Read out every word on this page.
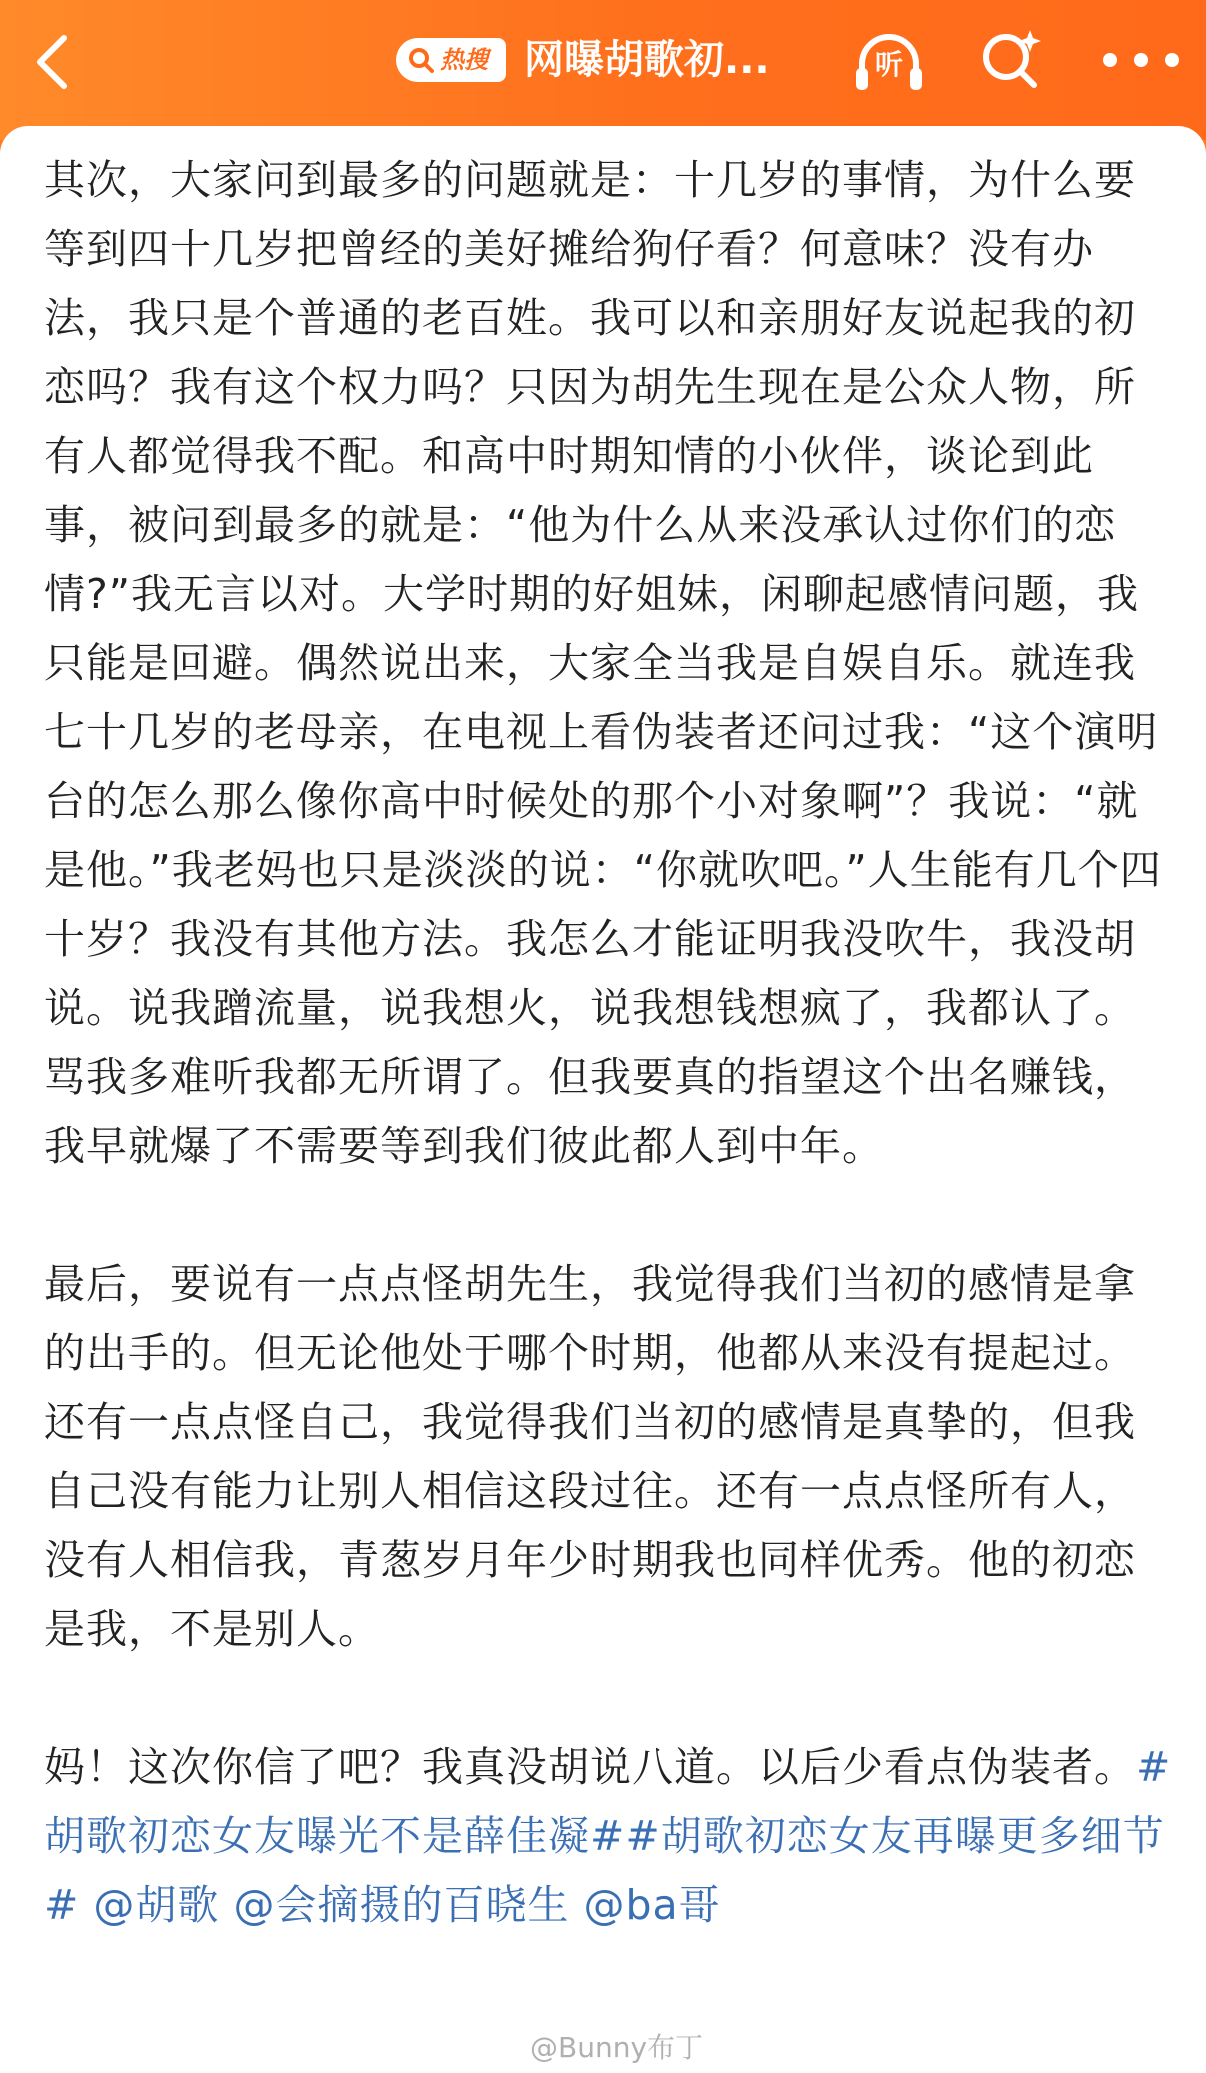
热搜 网曝胡歌初...	听

其次，大家问到最多的问题就是：十几岁的事情，为什么要等到四十几岁把曾经的美好摊给狗仔看？何意味？没有办法，我只是个普通的老百姓。我可以和亲朋好友说起我的初恋吗？我有这个权力吗？只因为胡先生现在是公众人物，所有人都觉得我不配。和高中时期知情的小伙伴，谈论到此事，被问到最多的就是：“他为什么从来没承认过你们的恋情?”我无言以对。大学时期的好姐妹，闲聊起感情问题，我只能是回避。偶然说出来，大家全当我是自娱自乐。就连我七十几岁的老母亲，在电视上看伪装者还问过我：“这个演明台的怎么那么像你高中时候处的那个小对象啊”？我说：“就是他。”我老妈也只是淡淡的说：“你就吹吧。”人生能有几个四十岁？我没有其他方法。我怎么才能证明我没吹牛，我没胡说。说我蹭流量，说我想火，说我想钱想疯了，我都认了。骂我多难听我都无所谓了。但我要真的指望这个出名赚钱，我早就爆了不需要等到我们彼此都人到中年。

最后，要说有一点点怪胡先生，我觉得我们当初的感情是拿的出手的。但无论他处于哪个时期，他都从来没有提起过。还有一点点怪自己，我觉得我们当初的感情是真挚的，但我自己没有能力让别人相信这段过往。还有一点点怪所有人，没有人相信我，青葱岁月年少时期我也同样优秀。他的初恋是我，不是别人。

妈！这次你信了吧？我真没胡说八道。以后少看点伪装者。#胡歌初恋女友曝光不是薛佳凝##胡歌初恋女友再曝更多细节# @胡歌 @会摘摄的百晓生 @ba哥

@Bunny布丁
